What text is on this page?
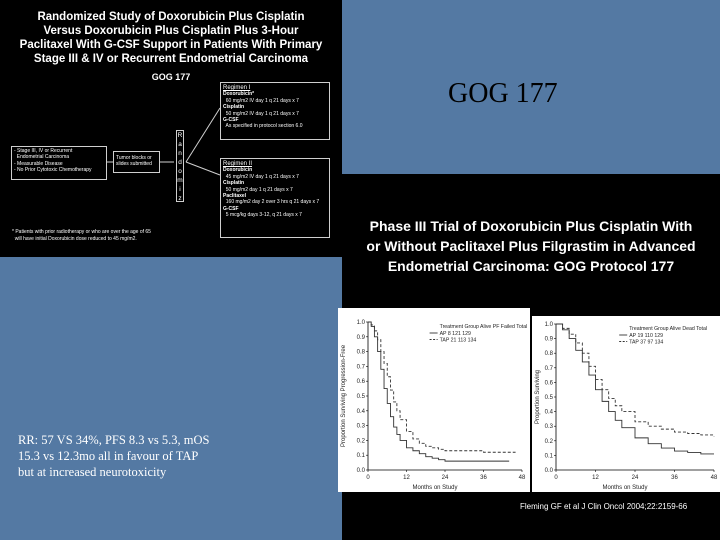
Randomized Study of Doxorubicin Plus Cisplatin
Versus Doxorubicin Plus Cisplatin Plus 3-Hour
Paclitaxel With G-CSF Support in Patients With Primary
Stage III & IV or Recurrent Endometrial Carcinoma
GOG 177
- Stage III, IV or Recurrent
Endometrial Carcinoma
- Measurable Disease
- No Prior Cytotoxic Chemotherapy
Tumor blocks or
slides submitted
R
a
n
d
o
m
i
z
Regimen I
Doxorubicin*
60 mg/m2 IV day 1 q 21 days x 7
Cisplatin
50 mg/m2 IV day 1 q 21 days x 7
G-CSF
As specified in protocol section 6.0
Regimen II
Doxorubicin
45 mg/m2 IV day 1 q 21 days x 7
Cisplatin
50 mg/m2 day 1 q 21 days x 7
Paclitaxel
160 mg/m2 day 2 over 3 hrs q 21 days x 7
G-CSF
5 mcg/kg days 3-12, q 21 days x 7
* Patients with prior radiotherapy or who are over the age of 65
will have initial Doxorubicin dose reduced to 45 mg/m2.
GOG 177
Phase III Trial of Doxorubicin Plus Cisplatin With
or Without Paclitaxel Plus Filgrastim in Advanced
Endometrial Carcinoma: GOG Protocol 177
0.0
0.1
0.2
0.3
0.4
0.5
0.6
0.7
0.8
0.9
1.0
0	12	24	36	48
Months on Study
Proportion Surviving Progression-Free
Treatment Group Alive PF Failed Total
AP 8 121 129
TAP 21 113 134
0.0
0.1
0.2
0.3
0.4
0.5
0.6
0.7
0.8
0.9
1.0
0	12	24	36	48
Months on Study
Proportion Surviving
Treatment Group Alive Dead Total
AP 19 110 129
TAP 37 97 134
Fleming GF et al J Clin Oncol 2004;22:2159-66
RR: 57 VS 34%, PFS 8.3 vs 5.3, mOS
15.3 vs 12.3mo all in favour of TAP
but at increased neurotoxicity
